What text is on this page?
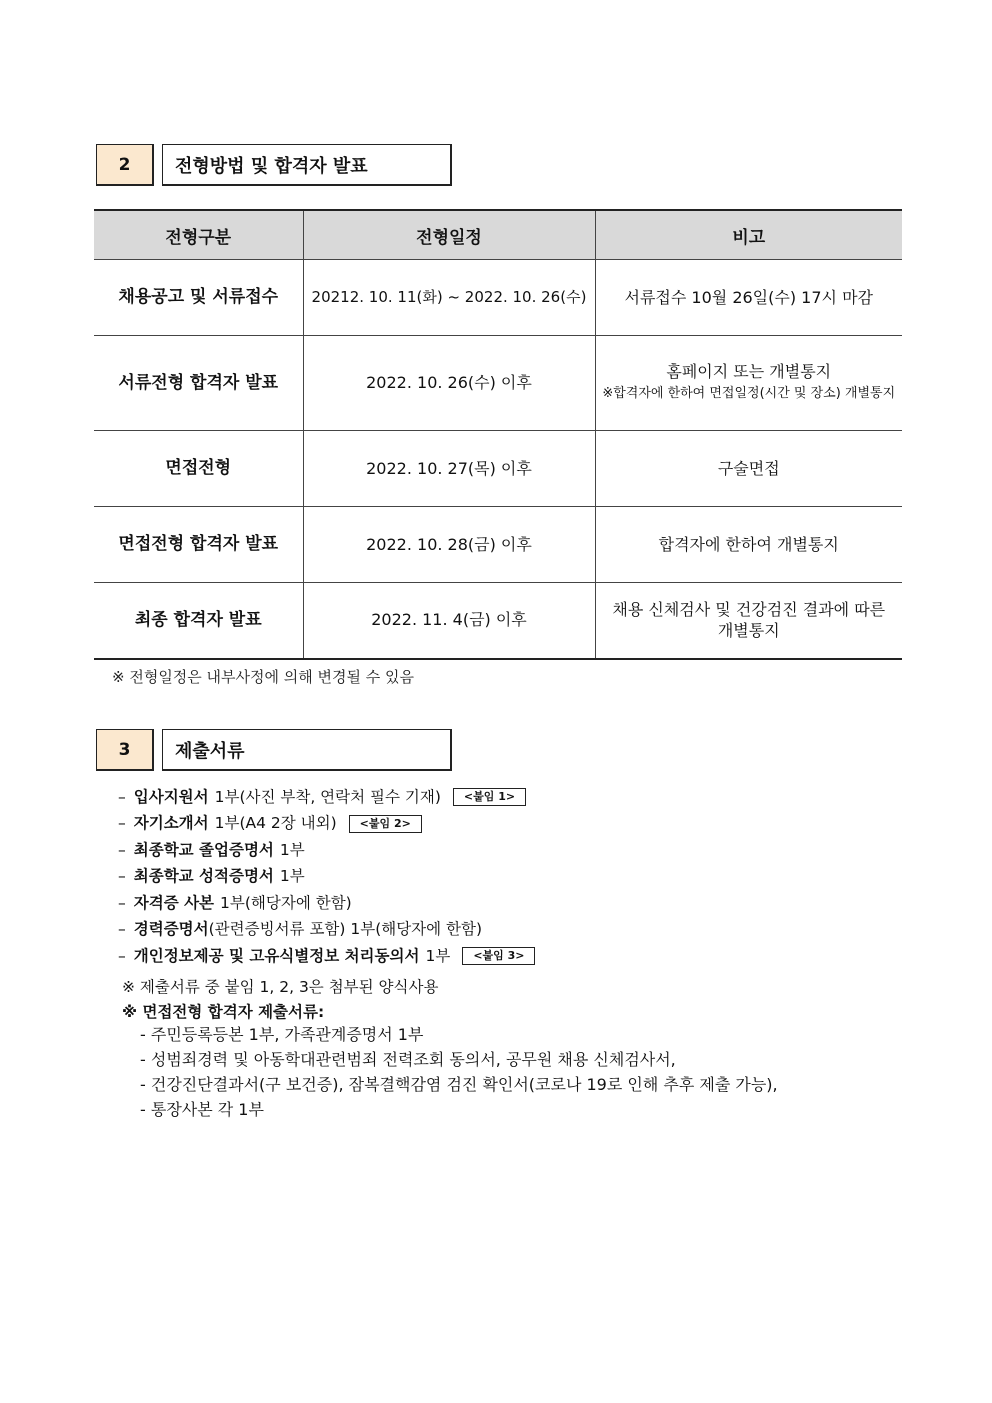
2	전형방법 및 합격자 발표
전형구분	전형일정	비고
채용공고 및 서류접수	20212. 10. 11(화) ~ 2022. 10. 26(수)	서류접수 10월 26일(수) 17시 마감
서류전형 합격자 발표	2022. 10. 26(수) 이후	홈페이지 또는 개별통지
※합격자에 한하여 면접일정(시간 및 장소) 개별통지

면접전형	2022. 10. 27(목) 이후	구술면접
면접전형 합격자 발표	2022. 10. 28(금) 이후	합격자에 한하여 개별통지
최종 합격자 발표	2022. 11. 4(금) 이후	채용 신체검사 및 건강검진 결과에 따른 개별통지
※ 전형일정은 내부사정에 의해 변경될 수 있음
3	제출서류
– 입사지원서 1부(사진 부착, 연락처 필수 기재)	<붙임 1>
– 자기소개서 1부(A4 2장 내외)	<붙임 2>
– 최종학교 졸업증명서 1부
– 최종학교 성적증명서 1부
– 자격증 사본 1부(해당자에 한함)
– 경력증명서 (관련증빙서류 포함) 1부(해당자에 한함)
– 개인정보제공 및 고유식별정보 처리동의서 1부	<붙임 3>
※ 제출서류 중 붙임 1, 2, 3은 첨부된 양식사용
※ 면접전형 합격자 제출서류:
- 주민등록등본 1부, 가족관계증명서 1부
- 성범죄경력 및 아동학대관련범죄 전력조회 동의서, 공무원 채용 신체검사서,
- 건강진단결과서(구 보건증), 잠복결핵감염 검진 확인서(코로나 19로 인해 추후 제출 가능),
- 통장사본 각 1부
